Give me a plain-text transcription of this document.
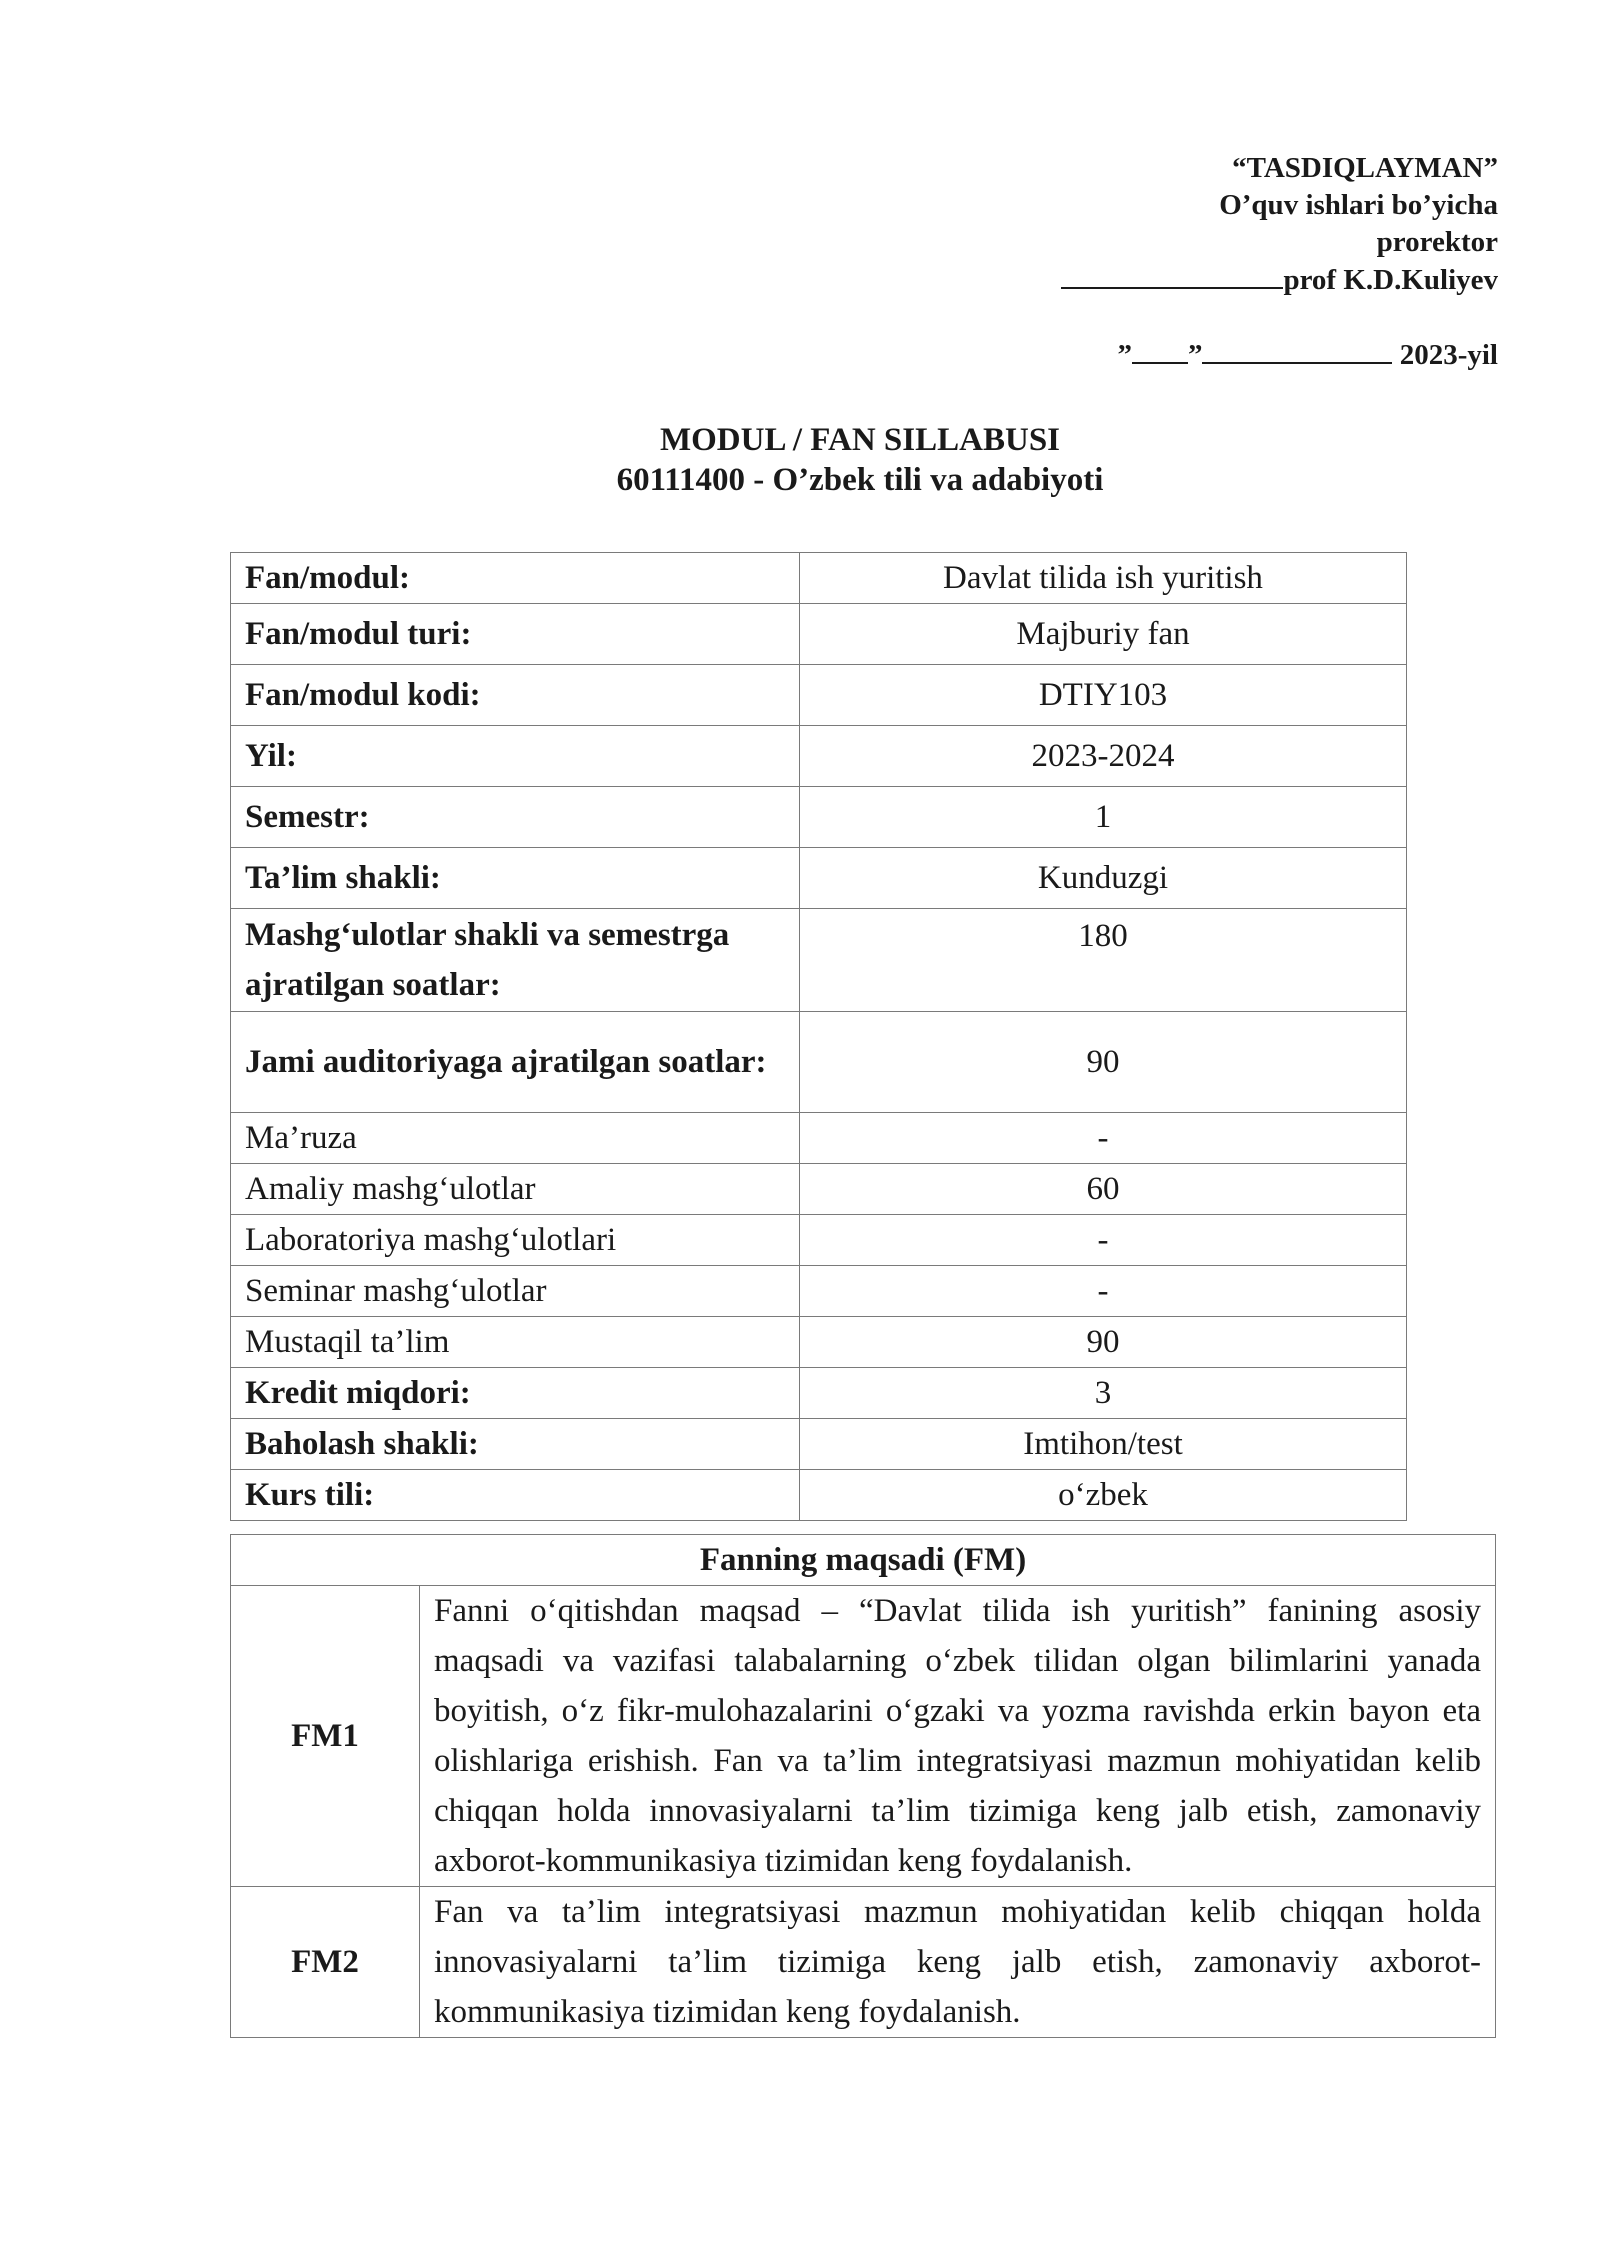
“TASDIQLAYMAN”
O’quv ishlari bo’yicha
prorektor
prof K.D.Kuliyev
” ”	2023-yil
MODUL / FAN SILLABUSI
60111400 - O’zbek tili va adabiyoti
Fan/modul:	Davlat tilida ish yuritish
Fan/modul turi:	Majburiy fan
Fan/modul kodi:	DTIY103
Yil:	2023-2024
Semestr:	1
Ta’lim shakli:	Kunduzgi
Mashg‘ulotlar shakli va semestrga ajratilgan soatlar:	180
Jami auditoriyaga ajratilgan soatlar:	90
Ma’ruza	-
Amaliy mashg‘ulotlar	60
Laboratoriya mashg‘ulotlari	-
Seminar mashg‘ulotlar	-
Mustaqil ta’lim	90
Kredit miqdori:	3
Baholash shakli:	Imtihon/test
Kurs tili:	o‘zbek
Fanning maqsadi (FM)	
FM1	Fanni o‘qitishdan maqsad – “Davlat tilida ish yuritish” fanining asosiy maqsadi va vazifasi talabalarning o‘zbek tilidan olgan bilimlarini yanada boyitish, o‘z fikr-mulohazalarini o‘gzaki va yozma ravishda erkin bayon eta olishlariga erishish. Fan va ta’lim integratsiyasi mazmun mohiyatidan kelib chiqqan holda innovasiyalarni ta’lim tizimiga keng jalb etish, zamonaviy axborot-kommunikasiya tizimidan keng foydalanish.
FM2	Fan va ta’lim integratsiyasi mazmun mohiyatidan kelib chiqqan holda innovasiyalarni ta’lim tizimiga keng jalb etish, zamonaviy axborot-kommunikasiya tizimidan keng foydalanish.
